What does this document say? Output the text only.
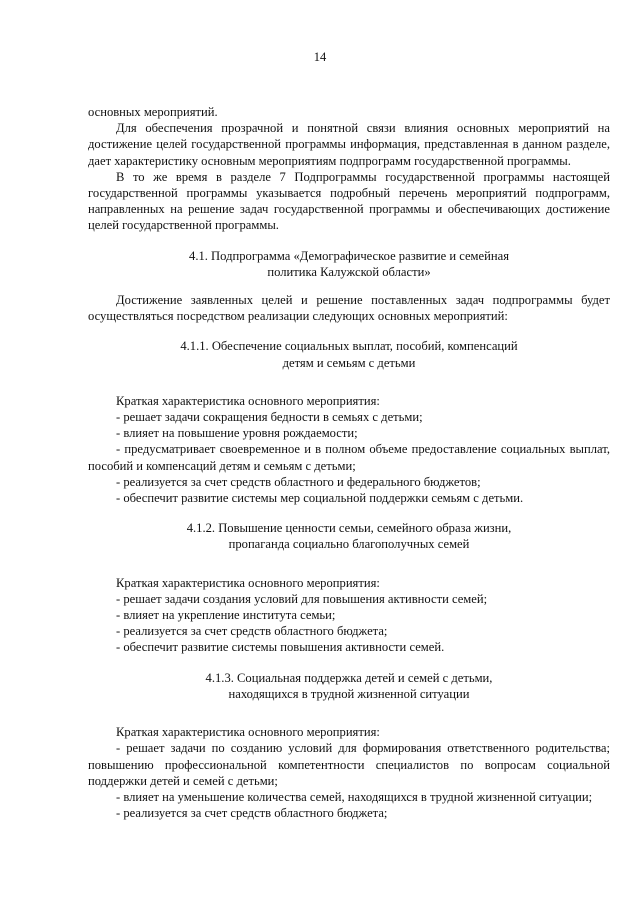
14

основных мероприятий.

Для обеспечения прозрачной и понятной связи влияния основных мероприятий на достижение целей государственной программы информация, представленная в данном разделе, дает характеристику основным мероприятиям подпрограмм государственной программы.

В то же время в разделе 7 Подпрограммы государственной программы настоящей государственной программы указывается подробный перечень мероприятий подпрограмм, направленных на решение задач государственной программы и обеспечивающих достижение целей государственной программы.

4.1. Подпрограмма «Демографическое развитие и семейная
политика Калужской области»

Достижение заявленных целей и решение поставленных задач подпрограммы будет осуществляться посредством реализации следующих основных мероприятий:

4.1.1. Обеспечение социальных выплат, пособий, компенсаций
детям и семьям с детьми

Краткая характеристика основного мероприятия:

- решает задачи сокращения бедности в семьях с детьми;

- влияет на повышение уровня рождаемости;

- предусматривает своевременное и в полном объеме предоставление социальных выплат, пособий и компенсаций детям и семьям с детьми;

- реализуется за счет средств областного и федерального бюджетов;

- обеспечит развитие системы мер социальной поддержки семьям с детьми.

4.1.2. Повышение ценности семьи, семейного образа жизни,
пропаганда социально благополучных семей

Краткая характеристика основного мероприятия:

- решает задачи создания условий для повышения активности семей;

- влияет на укрепление института семьи;

- реализуется за счет средств областного бюджета;

- обеспечит развитие системы повышения активности семей.

4.1.3. Социальная поддержка детей и семей с детьми,
находящихся в трудной жизненной ситуации

Краткая характеристика основного мероприятия:

- решает задачи по созданию условий для формирования ответственного родительства; повышению профессиональной компетентности специалистов по вопросам социальной поддержки детей и семей с детьми;

- влияет на уменьшение количества семей, находящихся в трудной жизненной ситуации;

- реализуется за счет средств областного бюджета;
